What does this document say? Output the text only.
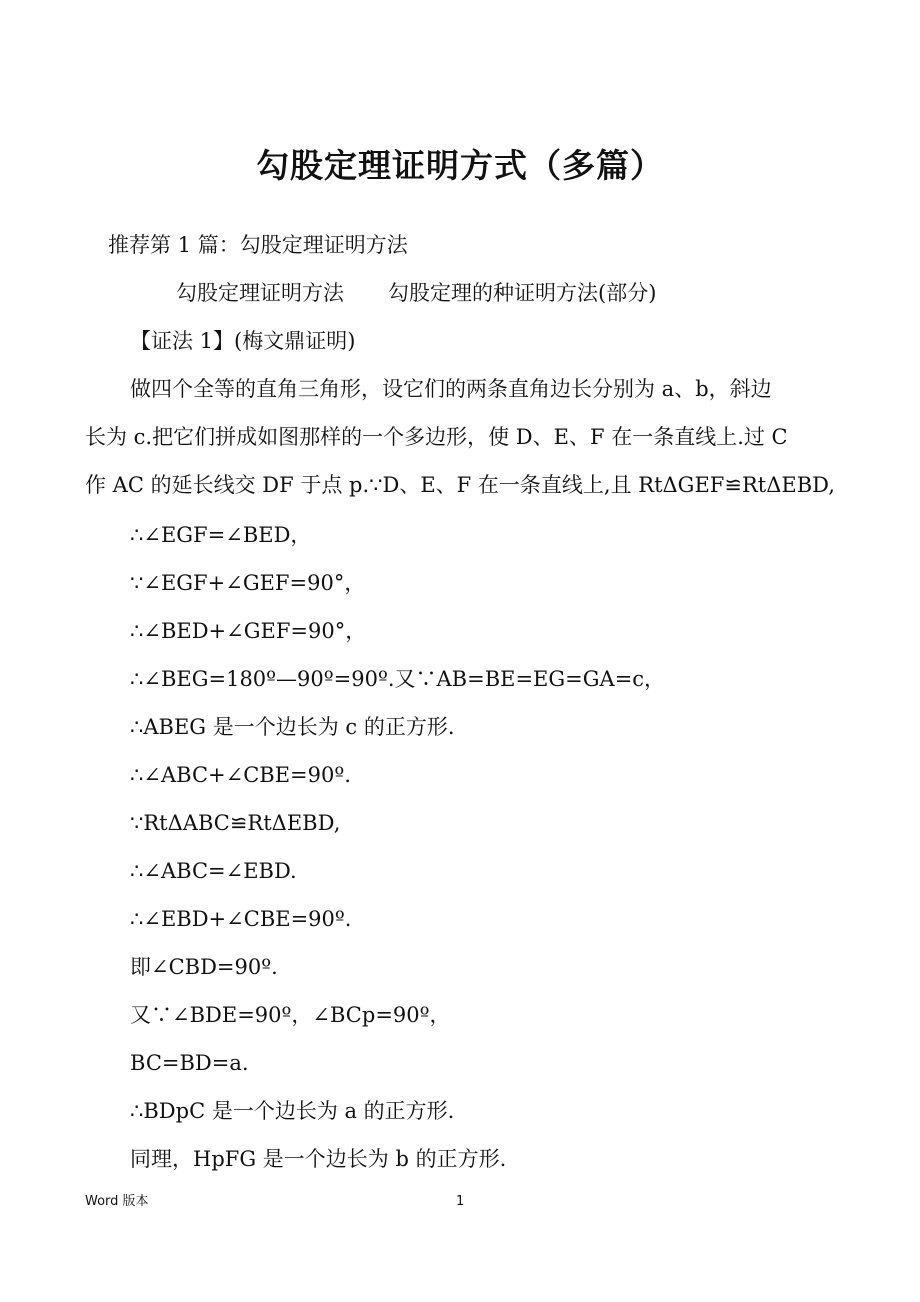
勾股定理证明方式（多篇）
推荐第 1 篇：勾股定理证明方法
勾股定理证明方法 勾股定理的种证明方法(部分)
【证法 1】(梅文鼎证明)
做四个全等的直角三角形，设它们的两条直角边长分别为 a、b，斜边
长为 c.把它们拼成如图那样的一个多边形，使 D、E、F 在一条直线上.过 C
作 AC 的延长线交 DF 于点 p.∵D、E、F 在一条直线上,且 RtΔGEF≌RtΔEBD,
∴∠EGF=∠BED，
∵∠EGF+∠GEF=90°，
∴∠BED+∠GEF=90°，
∴∠BEG=180º—90º=90º.又∵AB=BE=EG=GA=c，
∴ABEG 是一个边长为 c 的正方形.
∴∠ABC+∠CBE=90º.
∵RtΔABC≌RtΔEBD,
∴∠ABC=∠EBD.
∴∠EBD+∠CBE=90º.
即∠CBD=90º.
又∵∠BDE=90º，∠BCp=90º，
BC=BD=a.
∴BDpC 是一个边长为 a 的正方形.
同理，HpFG 是一个边长为 b 的正方形.
Word 版本	1
